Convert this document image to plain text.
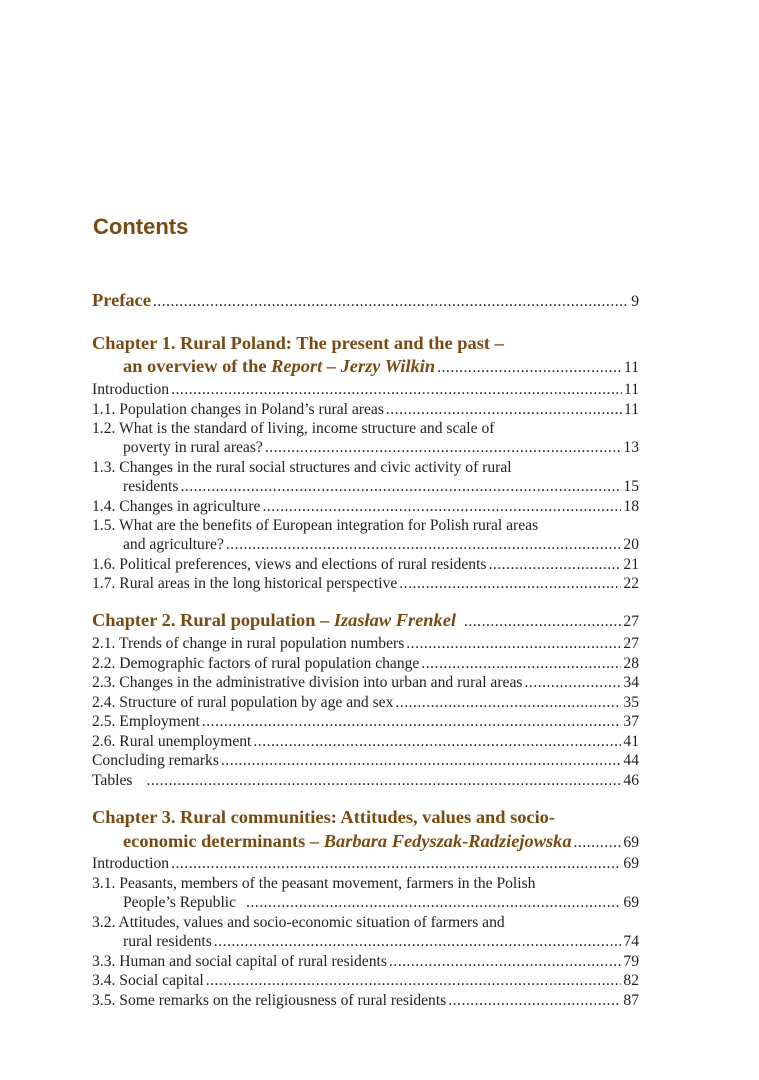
Contents
Preface .....	9
Chapter 1. Rural Poland: The present and the past –
an overview of the Report – Jerzy Wilkin .....	11
Introduction .....	11
1.1. Population changes in Poland’s rural areas .....	11
1.2. What is the standard of living, income structure and scale of
poverty in rural areas? .....	13
1.3. Changes in the rural social structures and civic activity of rural
residents .....	15
1.4. Changes in agriculture .....	18
1.5. What are the benefits of European integration for Polish rural areas
and agriculture? .....	20
1.6. Political preferences, views and elections of rural residents .....	21
1.7. Rural areas in the long historical perspective .....	22
Chapter 2. Rural population – Izasław Frenkel .....	27
2.1. Trends of change in rural population numbers .....	27
2.2. Demographic factors of rural population change .....	28
2.3. Changes in the administrative division into urban and rural areas .....	34
2.4. Structure of rural population by age and sex .....	35
2.5. Employment .....	37
2.6. Rural unemployment .....	41
Concluding remarks .....	44
Tables .....	46
Chapter 3. Rural communities: Attitudes, values and socio-
economic determinants – Barbara Fedyszak-Radziejowska .....	69
Introduction .....	69
3.1. Peasants, members of the peasant movement, farmers in the Polish
People’s Republic .....	69
3.2. Attitudes, values and socio-economic situation of farmers and
rural residents .....	74
3.3. Human and social capital of rural residents .....	79
3.4. Social capital .....	82
3.5. Some remarks on the religiousness of rural residents .....	87
